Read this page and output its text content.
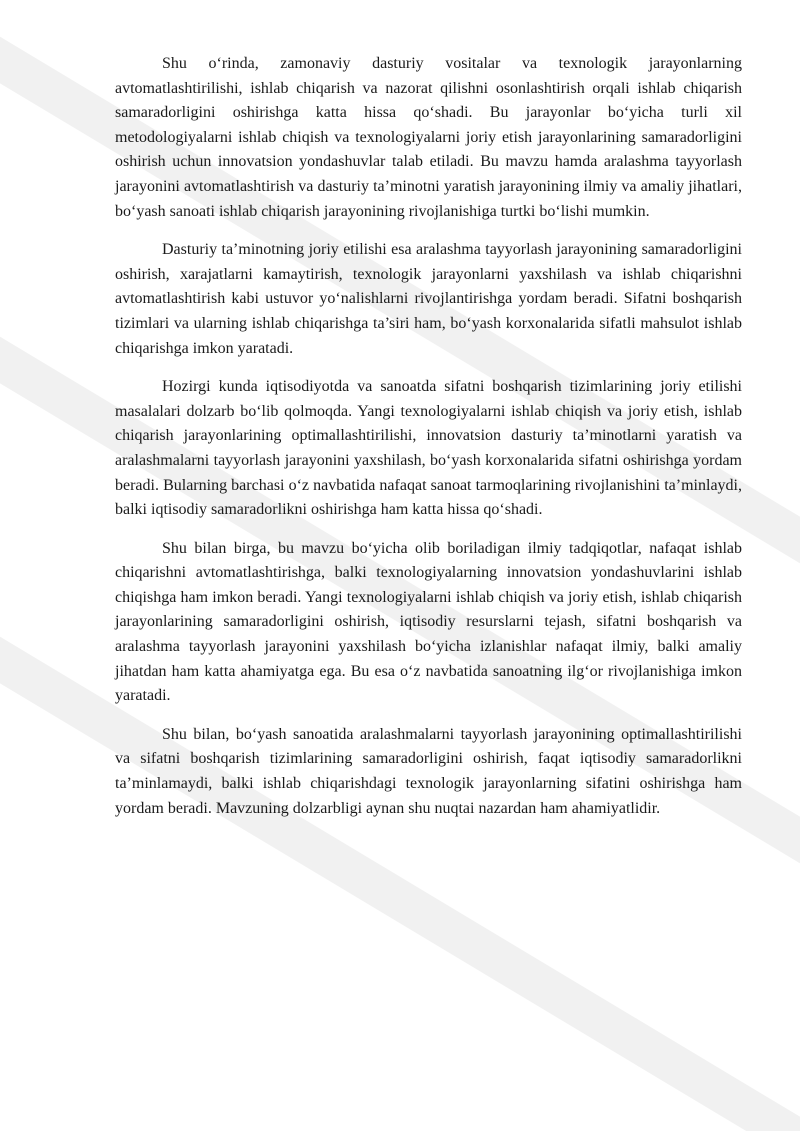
Shu o‘rinda, zamonaviy dasturiy vositalar va texnologik jarayonlarning avtomatlashtirilishi, ishlab chiqarish va nazorat qilishni osonlashtirish orqali ishlab chiqarish samaradorligini oshirishga katta hissa qo‘shadi. Bu jarayonlar bo‘yicha turli xil metodologiyalarni ishlab chiqish va texnologiyalarni joriy etish jarayonlarining samaradorligini oshirish uchun innovatsion yondashuvlar talab etiladi. Bu mavzu hamda aralashma tayyorlash jarayonini avtomatlashtirish va dasturiy ta’minotni yaratish jarayonining ilmiy va amaliy jihatlari, bo‘yash sanoati ishlab chiqarish jarayonining rivojlanishiga turtki bo‘lishi mumkin.

Dasturiy ta’minotning joriy etilishi esa aralashma tayyorlash jarayonining samaradorligini oshirish, xarajatlarni kamaytirish, texnologik jarayonlarni yaxshilash va ishlab chiqarishni avtomatlashtirish kabi ustuvor yo‘nalishlarni rivojlantirishga yordam beradi. Sifatni boshqarish tizimlari va ularning ishlab chiqarishga ta’siri ham, bo‘yash korxonalarida sifatli mahsulot ishlab chiqarishga imkon yaratadi.

Hozirgi kunda iqtisodiyotda va sanoatda sifatni boshqarish tizimlarining joriy etilishi masalalari dolzarb bo‘lib qolmoqda. Yangi texnologiyalarni ishlab chiqish va joriy etish, ishlab chiqarish jarayonlarining optimallashtirilishi, innovatsion dasturiy ta’minotlarni yaratish va aralashmalarni tayyorlash jarayonini yaxshilash, bo‘yash korxonalarida sifatni oshirishga yordam beradi. Bularning barchasi o‘z navbatida nafaqat sanoat tarmoqlarining rivojlanishini ta’minlaydi, balki iqtisodiy samaradorlikni oshirishga ham katta hissa qo‘shadi.

Shu bilan birga, bu mavzu bo‘yicha olib boriladigan ilmiy tadqiqotlar, nafaqat ishlab chiqarishni avtomatlashtirishga, balki texnologiyalarning innovatsion yondashuvlarini ishlab chiqishga ham imkon beradi. Yangi texnologiyalarni ishlab chiqish va joriy etish, ishlab chiqarish jarayonlarining samaradorligini oshirish, iqtisodiy resurslarni tejash, sifatni boshqarish va aralashma tayyorlash jarayonini yaxshilash bo‘yicha izlanishlar nafaqat ilmiy, balki amaliy jihatdan ham katta ahamiyatga ega. Bu esa o‘z navbatida sanoatning ilg‘or rivojlanishiga imkon yaratadi.

Shu bilan, bo‘yash sanoatida aralashmalarni tayyorlash jarayonining optimallashtirilishi va sifatni boshqarish tizimlarining samaradorligini oshirish, faqat iqtisodiy samaradorlikni ta’minlamaydi, balki ishlab chiqarishdagi texnologik jarayonlarning sifatini oshirishga ham yordam beradi. Mavzuning dolzarbligi aynan shu nuqtai nazardan ham ahamiyatlidir.
